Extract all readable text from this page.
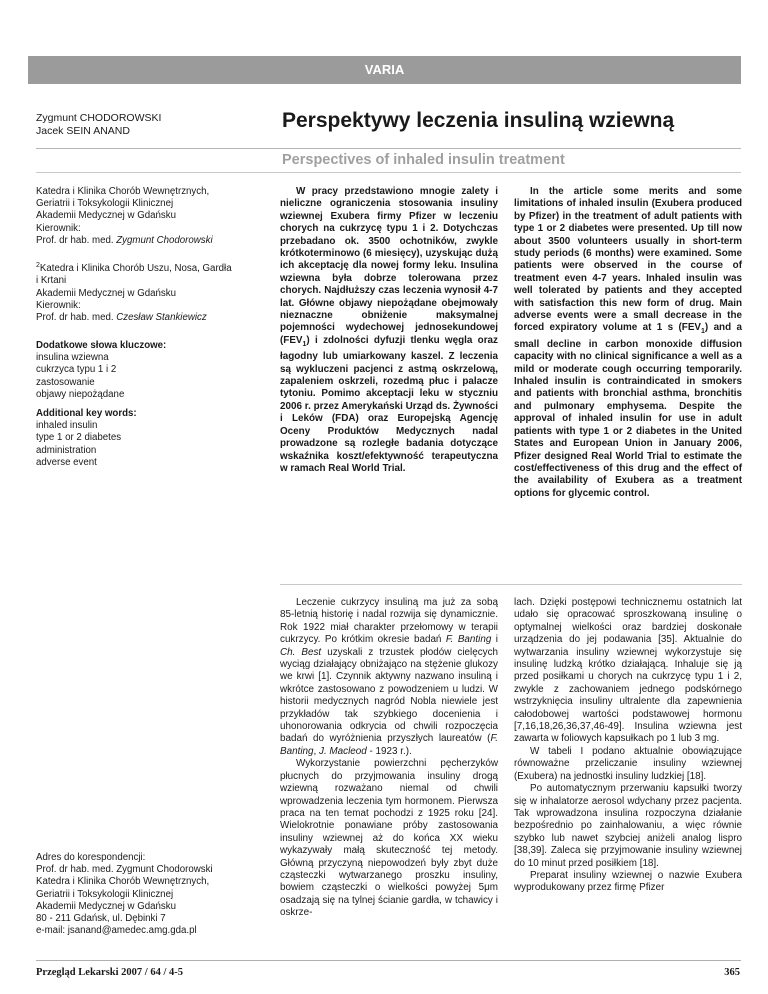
VARIA
Zygmunt CHODOROWSKI
Jacek SEIN ANAND	Perspektywy leczenia insuliną wziewną
Perspectives of inhaled insulin treatment

Katedra i Klinika Chorób Wewnętrznych,

Geriatrii i Toksykologii Klinicznej

Akademii Medycznej w Gdańsku

Kierownik:

Prof. dr hab. med. Zygmunt Chodorowski

$^2$Katedra i Klinika Chorób Uszu, Nosa, Gardła

i Krtani

Akademii Medycznej w Gdańsku

Kierownik:

Prof. dr hab. med. Czesław Stankiewicz

Dodatkowe słowa kluczowe:

insulina wziewna

cukrzyca typu 1 i 2

zastosowanie

objawy niepożądane

Additional key words:

inhaled insulin

type 1 or 2 diabetes

administration

adverse event

Adres do korespondencji:

Prof. dr hab. med. Zygmunt Chodorowski

Katedra i Klinika Chorób Wewnętrznych,

Geriatrii i Toksykologii Klinicznej

Akademii Medycznej w Gdańsku

80 - 211 Gdańsk, ul. Dębinki 7

e-mail: jsanand@amedec.amg.gda.pl

W pracy przedstawiono mnogie zalety i nieliczne ograniczenia stosowania insuliny wziewnej Exubera firmy Pfizer w leczeniu chorych na cukrzycę typu 1 i 2. Dotychczas przebadano ok. 3500 ochotników, zwykle krótkoterminowo (6 miesięcy), uzyskując dużą ich akceptację dla nowej formy leku. Insulina wziewna była dobrze tolerowana przez chorych. Najdłuższy czas leczenia wynosił 4-7 lat. Główne objawy niepożądane obejmowały nieznaczne obniżenie maksymalnej pojemności wydechowej jednosekundowej $(FEV_1)$ i zdolności dyfuzji tlenku węgla oraz łagodny lub umiarkowany kaszel. Z leczenia są wykluczeni pacjenci z astmą oskrzelową, zapaleniem oskrzeli, rozedmą płuc i palacze tytoniu. Pomimo akceptacji leku w styczniu 2006 r. przez Amerykański Urząd ds. Żywności i Leków (FDA) oraz Europejską Agencję Oceny Produktów Medycznych nadal prowadzone są rozległe badania dotyczące wskaźnika koszt/efektywność terapeutyczna w ramach Real World Trial.

In the article some merits and some limitations of inhaled insulin (Exubera produced by Pfizer) in the treatment of adult patients with type 1 or 2 diabetes were presented. Up till now about 3500 volunteers usually in short-term study periods (6 months) were examined. Some patients were observed in the course of treatment even 4-7 years. Inhaled insulin was well tolerated by patients and they accepted with satisfaction this new form of drug. Main adverse events were a small decrease in the forced expiratory volume at 1 s $(FEV_1)$ and a small decline in carbon monoxide diffusion capacity with no clinical significance a well as a mild or moderate cough occurring temporarily. Inhaled insulin is contraindicated in smokers and patients with bronchial asthma, bronchitis and pulmonary emphysema. Despite the approval of inhaled insulin for use in adult patients with type 1 or 2 diabetes in the United States and European Union in January 2006, Pfizer designed Real World Trial to estimate the cost/effectiveness of this drug and the effect of the availability of Exubera as a treatment options for glycemic control.

Leczenie cukrzycy insuliną ma już za sobą 85-letnią historię i nadal rozwija się dynamicznie. Rok 1922 miał charakter przełomowy w terapii cukrzycy. Po krótkim okresie badań F. Banting i Ch. Best uzyskali z trzustek płodów cielęcych wyciąg działający obniżająco na stężenie glukozy we krwi [1]. Czynnik aktywny nazwano insuliną i wkrótce zastosowano z powodzeniem u ludzi. W historii medycznych nagród Nobla niewiele jest przykładów tak szybkiego docenienia i uhonorowania odkrycia od chwili rozpoczęcia badań do wyróżnienia przyszłych laureatów (F. Banting, J. Macleod - 1923 r.).

Wykorzystanie powierzchni pęcherzyków płucnych do przyjmowania insuliny drogą wziewną rozważano niemal od chwili wprowadzenia leczenia tym hormonem. Pierwsza praca na ten temat pochodzi z 1925 roku [24]. Wielokrotnie ponawiane próby zastosowania insuliny wziewnej aż do końca XX wieku wykazywały małą skuteczność tej metody. Główną przyczyną niepowodzeń były zbyt duże cząsteczki wytwarzanego proszku insuliny, bowiem cząsteczki o wielkości powyżej 5μm osadzają się na tylnej ścianie gardła, w tchawicy i oskrze-

lach. Dzięki postępowi technicznemu ostatnich lat udało się opracować sproszkowaną insulinę o optymalnej wielkości oraz bardziej doskonałe urządzenia do jej podawania [35]. Aktualnie do wytwarzania insuliny wziewnej wykorzystuje się insulinę ludzką krótko działającą. Inhaluje się ją przed posiłkami u chorych na cukrzycę typu 1 i 2, zwykle z zachowaniem jednego podskórnego wstrzyknięcia insuliny ultralente dla zapewnienia całodobowej wartości podstawowej hormonu [7,16,18,26,36,37,46-49]. Insulina wziewna jest zawarta w foliowych kapsułkach po 1 lub 3 mg.

W tabeli I podano aktualnie obowiązujące równoważne przeliczanie insuliny wziewnej (Exubera) na jednostki insuliny ludzkiej [18].

Po automatycznym przerwaniu kapsułki tworzy się w inhalatorze aerosol wdychany przez pacjenta. Tak wprowadzona insulina rozpoczyna działanie bezpośrednio po zainhalowaniu, a więc równie szybko lub nawet szybciej aniżeli analog lispro [38,39]. Zaleca się przyjmowanie insuliny wziewnej do 10 minut przed posiłkiem [18].

Preparat insuliny wziewnej o nazwie Exubera wyprodukowany przez firmę Pfizer

Przegląd Lekarski 2007 / 64 / 4-5	365
